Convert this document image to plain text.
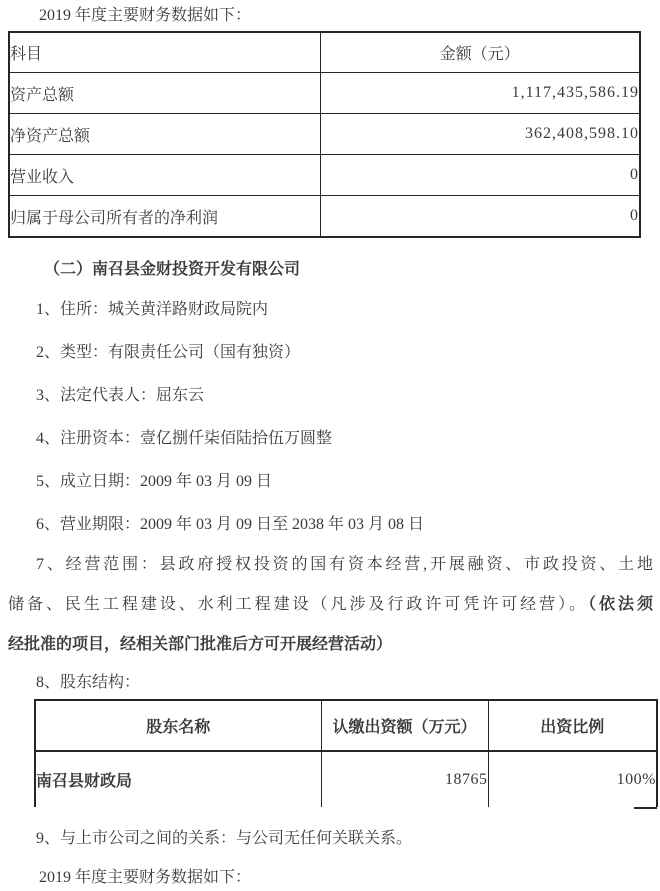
2019 年度主要财务数据如下：
科目	金额（元）
资产总额	1,117,435,586.19
净资产总额	362,408,598.10
营业收入	0
归属于母公司所有者的净利润	0
（二）南召县金财投资开发有限公司
1、住所：城关黄洋路财政局院内
2、类型：有限责任公司（国有独资）
3、法定代表人：屈东云
4、注册资本：壹亿捌仟柒佰陆拾伍万圆整
5、成立日期：2009 年 03 月 09 日
6、营业期限：2009 年 03 月 09 日至 2038 年 03 月 08 日
7、经营范围：县政府授权投资的国有资本经营,开展融资、市政投资、土地
储备、民生工程建设、水利工程建设（凡涉及行政许可凭许可经营）。（依法须
经批准的项目，经相关部门批准后方可开展经营活动）
8、股东结构：
股东名称	认缴出资额（万元）	出资比例
南召县财政局	18765	100%
9、与上市公司之间的关系：与公司无任何关联关系。
2019 年度主要财务数据如下：
